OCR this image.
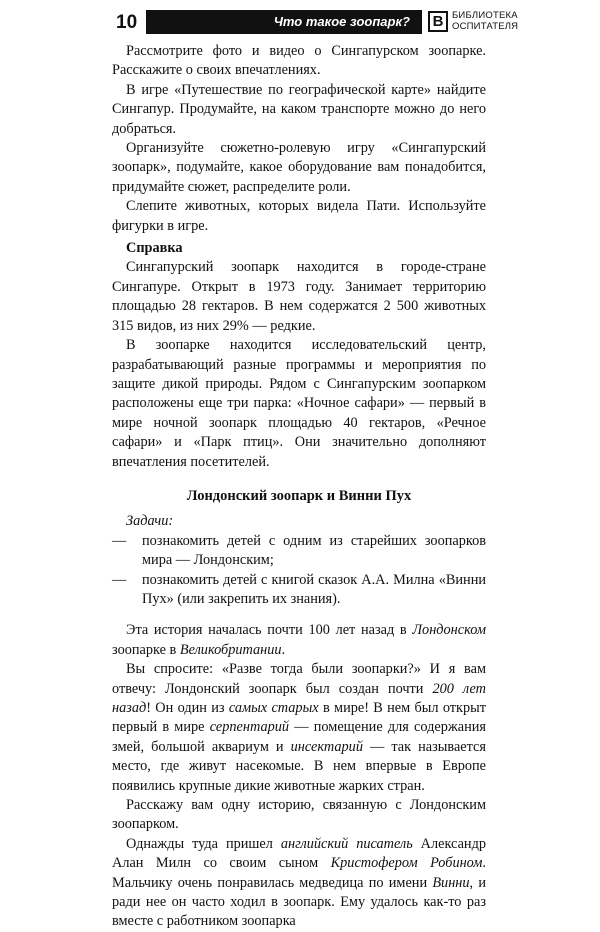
10	Что такое зоопарк?	В БИБЛИОТЕКА
ОСПИТАТЕЛЯ

Рассмотрите фото и видео о Сингапурском зоопарке. Расскажите о своих впечатлениях.

В игре «Путешествие по географической карте» найдите Сингапур. Продумайте, на каком транспорте можно до него добраться.

Организуйте сюжетно-ролевую игру «Сингапурский зоопарк», подумайте, какое оборудование вам понадобится, придумайте сюжет, распределите роли.

Слепите животных, которых видела Пати. Используйте фигурки в игре.

Справка

Сингапурский зоопарк находится в городе-стране Сингапуре. Открыт в 1973 году. Занимает территорию площадью 28 гектаров. В нем содержатся 2 500 животных 315 видов, из них 29% — редкие.

В зоопарке находится исследовательский центр, разрабатывающий разные программы и мероприятия по защите дикой природы. Рядом с Сингапурским зоопарком расположены еще три парка: «Ночное сафари» — первый в мире ночной зоопарк площадью 40 гектаров, «Речное сафари» и «Парк птиц». Они значительно дополняют впечатления посетителей.

Лондонский зоопарк и Винни Пух

Задачи:

— познакомить детей с одним из старейших зоопарков мира — Лондонским;

— познакомить детей с книгой сказок А.А. Милна «Винни Пух» (или закрепить их знания).

Эта история началась почти 100 лет назад в Лондонском зоопарке в Великобритании.

Вы спросите: «Разве тогда были зоопарки?» И я вам отвечу: Лондонский зоопарк был создан почти 200 лет назад! Он один из самых старых в мире! В нем был открыт первый в мире серпентарий — помещение для содержания змей, большой аквариум и инсектарий — так называется место, где живут насекомые. В нем впервые в Европе появились крупные дикие животные жарких стран.

Расскажу вам одну историю, связанную с Лондонским зоопарком.

Однажды туда пришел английский писатель Александр Алан Милн со своим сыном Кристофером Робином. Мальчику очень понравилась медведица по имени Винни, и ради нее он часто ходил в зоопарк. Ему удалось как-то раз вместе с работником зоопарка
